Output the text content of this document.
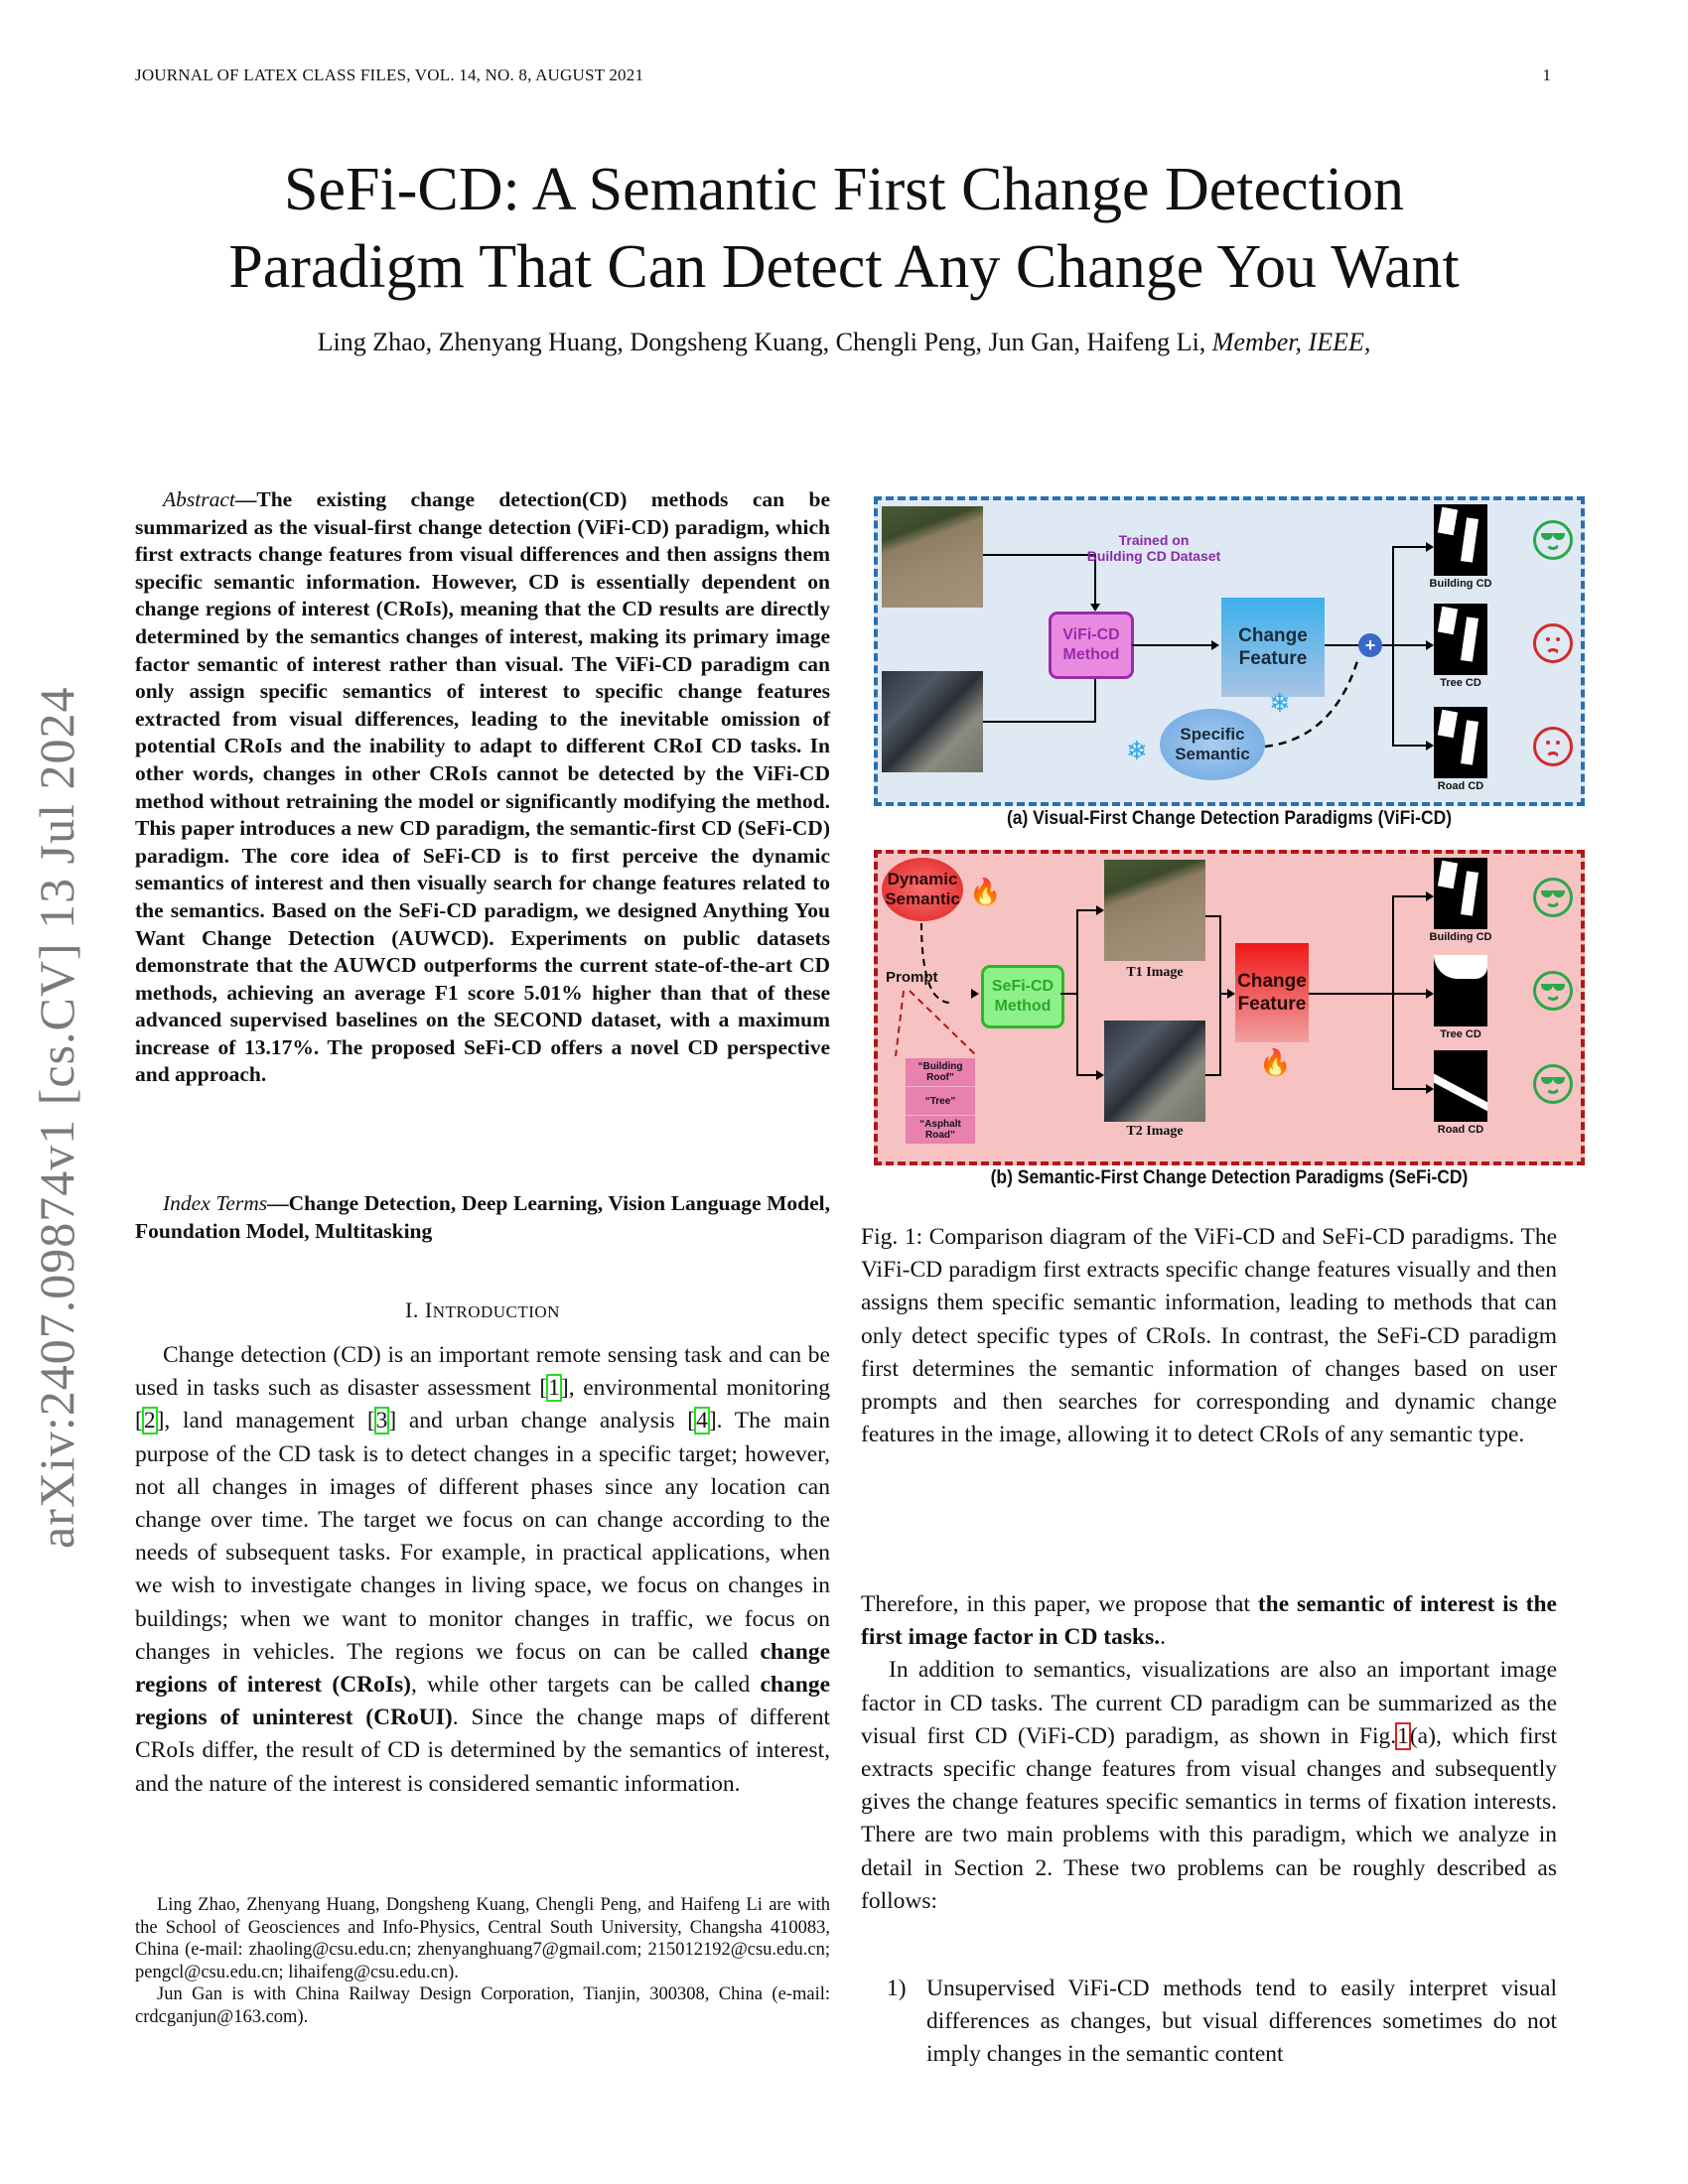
JOURNAL OF LATEX CLASS FILES, VOL. 14, NO. 8, AUGUST 2021	1
arXiv:2407.09874v1 [cs.CV] 13 Jul 2024
SeFi-CD: A Semantic First Change Detection
Paradigm That Can Detect Any Change You Want
Ling Zhao, Zhenyang Huang, Dongsheng Kuang, Chengli Peng, Jun Gan, Haifeng Li, Member, IEEE,
Abstract—The existing change detection(CD) methods can be summarized as the visual-first change detection (ViFi-CD) paradigm, which first extracts change features from visual differences and then assigns them specific semantic information. However, CD is essentially dependent on change regions of interest (CRoIs), meaning that the CD results are directly determined by the semantics changes of interest, making its primary image factor semantic of interest rather than visual. The ViFi-CD paradigm can only assign specific semantics of interest to specific change features extracted from visual differences, leading to the inevitable omission of potential CRoIs and the inability to adapt to different CRoI CD tasks. In other words, changes in other CRoIs cannot be detected by the ViFi-CD method without retraining the model or significantly modifying the method. This paper introduces a new CD paradigm, the semantic-first CD (SeFi-CD) paradigm. The core idea of SeFi-CD is to first perceive the dynamic semantics of interest and then visually search for change features related to the semantics. Based on the SeFi-CD paradigm, we designed Anything You Want Change Detection (AUWCD). Experiments on public datasets demonstrate that the AUWCD outperforms the current state-of-the-art CD methods, achieving an average F1 score 5.01% higher than that of these advanced supervised baselines on the SECOND dataset, with a maximum increase of 13.17%. The proposed SeFi-CD offers a novel CD perspective and approach.
Index Terms—Change Detection, Deep Learning, Vision Language Model, Foundation Model, Multitasking
I. INTRODUCTION
Change detection (CD) is an important remote sensing task and can be used in tasks such as disaster assessment [1], environmental monitoring [2], land management [3] and urban change analysis [4]. The main purpose of the CD task is to detect changes in a specific target; however, not all changes in images of different phases since any location can change over time. The target we focus on can change according to the needs of subsequent tasks. For example, in practical applications, when we wish to investigate changes in living space, we focus on changes in buildings; when we want to monitor changes in traffic, we focus on changes in vehicles. The regions we focus on can be called change regions of interest (CRoIs), while other targets can be called change regions of uninterest (CRoUI). Since the change maps of different CRoIs differ, the result of CD is determined by the semantics of interest, and the nature of the interest is considered semantic information.

Ling Zhao, Zhenyang Huang, Dongsheng Kuang, Chengli Peng, and Haifeng Li are with the School of Geosciences and Info-Physics, Central South University, Changsha 410083, China (e-mail: zhaoling@csu.edu.cn; zhenyanghuang7@gmail.com; 215012192@csu.edu.cn; pengcl@csu.edu.cn; lihaifeng@csu.edu.cn).

Jun Gan is with China Railway Design Corporation, Tianjin, 300308, China (e-mail: crdcganjun@163.com).

Trained on
Building CD Dataset
ViFi-CD
Method
Change
Feature
+
Specific
Semantic
❄
❄
Building CD
Tree CD
Road CD
(a) Visual-First Change Detection Paradigms (ViFi-CD)
Dynamic
Semantic 🔥
Prompt
“Building Roof”
“Tree”
“Asphalt Road”
SeFi-CD
Method
T1 Image
T2 Image
Change
Feature
🔥
Building CD
Tree CD
Road CD
(b) Semantic-First Change Detection Paradigms (SeFi-CD)
Fig. 1: Comparison diagram of the ViFi-CD and SeFi-CD paradigms. The ViFi-CD paradigm first extracts specific change features visually and then assigns them specific semantic information, leading to methods that can only detect specific types of CRoIs. In contrast, the SeFi-CD paradigm first determines the semantic information of changes based on user prompts and then searches for corresponding and dynamic change features in the image, allowing it to detect CRoIs of any semantic type.

Therefore, in this paper, we propose that the semantic of interest is the first image factor in CD tasks..

In addition to semantics, visualizations are also an important image factor in CD tasks. The current CD paradigm can be summarized as the visual first CD (ViFi-CD) paradigm, as shown in Fig.1(a), which first extracts specific change features from visual changes and subsequently gives the change features specific semantics in terms of fixation interests. There are two main problems with this paradigm, which we analyze in detail in Section 2. These two problems can be roughly described as follows:

1) Unsupervised ViFi-CD methods tend to easily interpret visual differences as changes, but visual differences sometimes do not imply changes in the semantic content
